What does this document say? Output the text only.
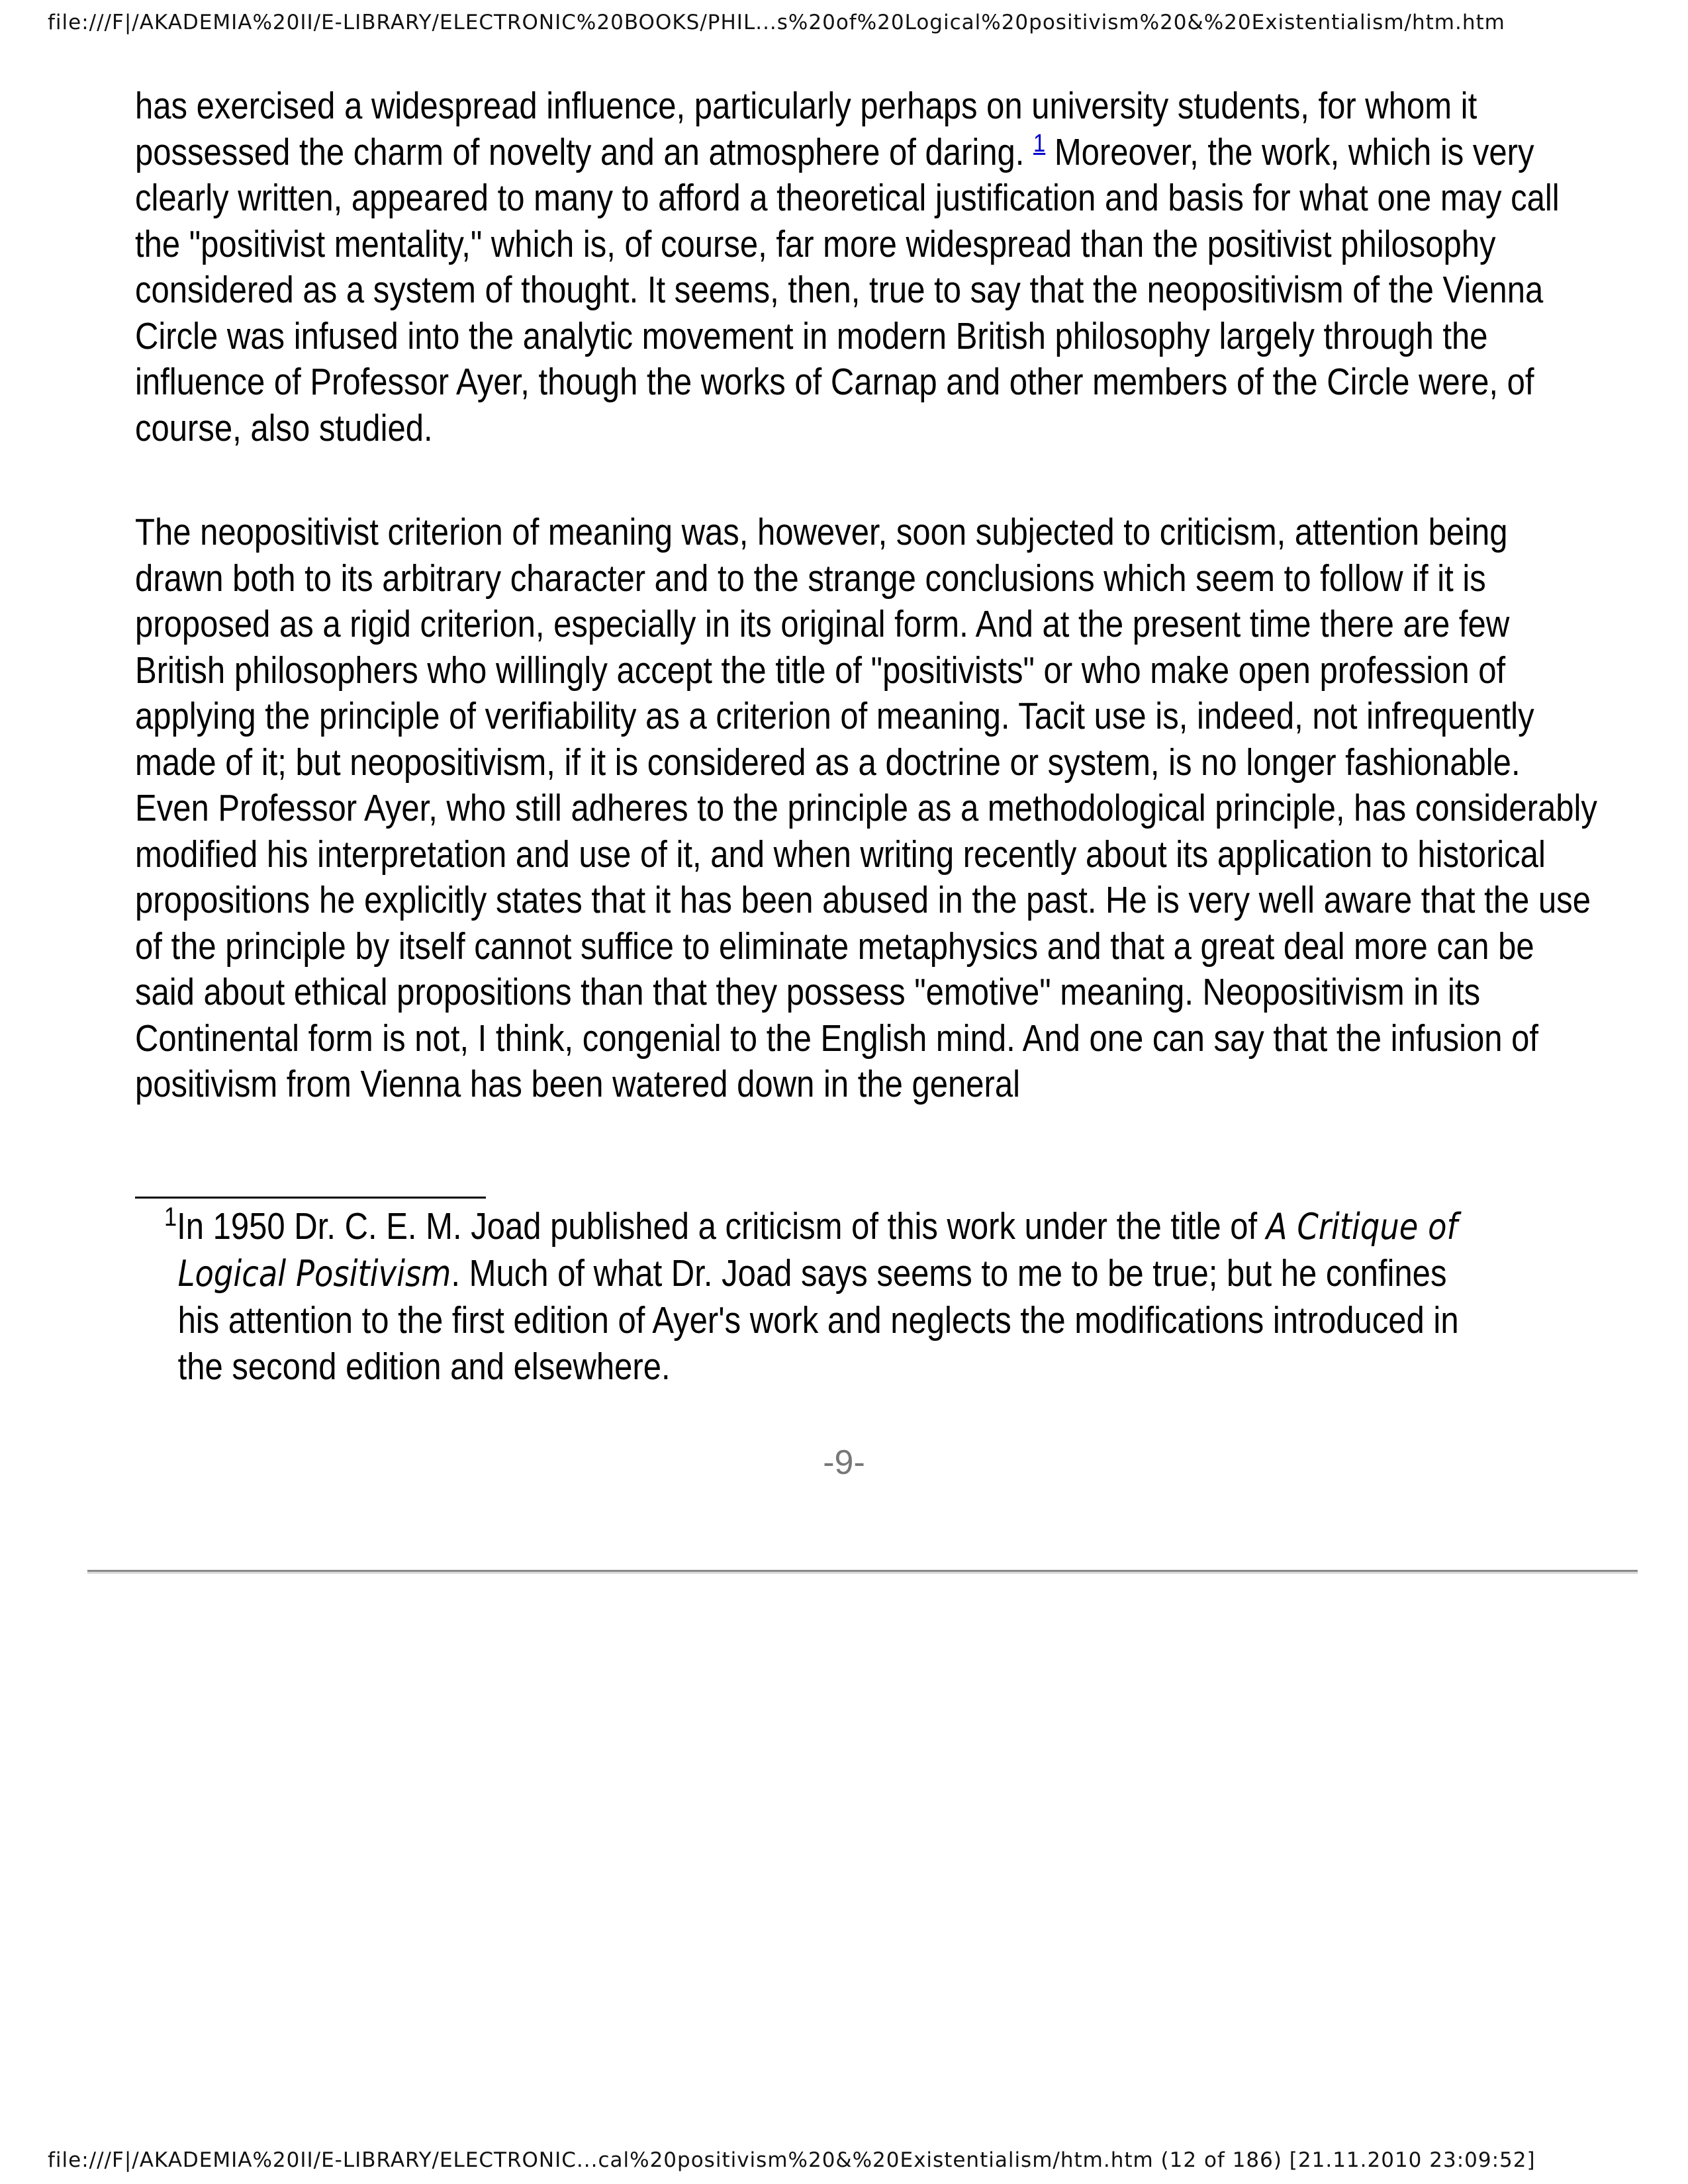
file:///F|/AKADEMIA%20II/E-LIBRARY/ELECTRONIC%20BOOKS/PHIL...s%20of%20Logical%20positivism%20&%20Existentialism/htm.htm

has exercised a widespread influence, particularly perhaps on university students, for whom it possessed the charm of novelty and an atmosphere of daring. $^1$ Moreover, the work, which is very clearly written, appeared to many to afford a theoretical justification and basis for what one may call the "positivist mentality," which is, of course, far more widespread than the positivist philosophy considered as a system of thought. It seems, then, true to say that the neopositivism of the Vienna Circle was infused into the analytic movement in modern British philosophy largely through the influence of Professor Ayer, though the works of Carnap and other members of the Circle were, of course, also studied.

The neopositivist criterion of meaning was, however, soon subjected to criticism, attention being drawn both to its arbitrary character and to the strange conclusions which seem to follow if it is proposed as a rigid criterion, especially in its original form. And at the present time there are few British philosophers who willingly accept the title of "positivists" or who make open profession of applying the principle of verifiability as a criterion of meaning. Tacit use is, indeed, not infrequently made of it; but neopositivism, if it is considered as a doctrine or system, is no longer fashionable. Even Professor Ayer, who still adheres to the principle as a methodological principle, has considerably modified his interpretation and use of it, and when writing recently about its application to historical propositions he explicitly states that it has been abused in the past. He is very well aware that the use of the principle by itself cannot suffice to eliminate metaphysics and that a great deal more can be said about ethical propositions than that they possess "emotive" meaning. Neopositivism in its Continental form is not, I think, congenial to the English mind. And one can say that the infusion of positivism from Vienna has been watered down in the general

$^1$In 1950 Dr. C. E. M. Joad published a criticism of this work under the title of A Critique of Logical Positivism. Much of what Dr. Joad says seems to me to be true; but he confines his attention to the first edition of Ayer's work and neglects the modifications introduced in the second edition and elsewhere.
-9-
file:///F|/AKADEMIA%20II/E-LIBRARY/ELECTRONIC...cal%20positivism%20&%20Existentialism/htm.htm (12 of 186) [21.11.2010 23:09:52]
